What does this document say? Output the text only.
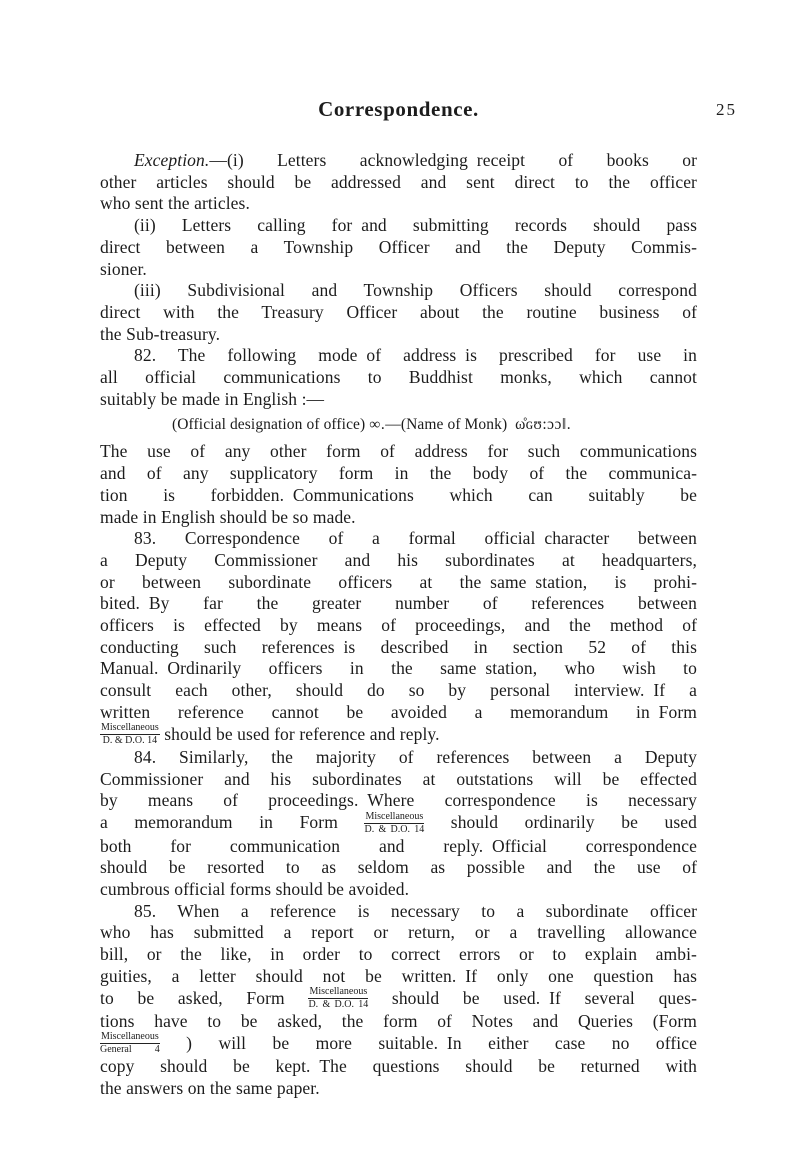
Correspondence.	25
Exception.—(i) Letters acknowledging receipt of books or
other articles should be addressed and sent direct to the officer
who sent the articles.
(ii) Letters calling for and submitting records should pass
direct between a Township Officer and the Deputy Commis-
sioner.
(iii) Subdivisional and Township Officers should correspond
direct with the Treasury Officer about the routine business of
the Sub-treasury.
82. The following mode of address is prescribed for use in
all official communications to Buddhist monks, which cannot
suitably be made in English :—
(Official designation of office) ∞.—(Name of Monk) ω̊ɢʊ:ɔɔ‖.
The use of any other form of address for such communications
and of any supplicatory form in the body of the communica-
tion is forbidden. Communications which can suitably be
made in English should be so made.
83. Correspondence of a formal official character between
a Deputy Commissioner and his subordinates at headquarters,
or between subordinate officers at the same station, is prohi-
bited. By far the greater number of references between
officers is effected by means of proceedings, and the method of
conducting such references is described in section 52 of this
Manual. Ordinarily officers in the same station, who wish to
consult each other, should do so by personal interview. If a
written reference cannot be avoided a memorandum in Form
$\frac{\text{Miscellaneous}}{D. \& D.O. 14}$ should be used for reference and reply.
84. Similarly, the majority of references between a Deputy
Commissioner and his subordinates at outstations will be effected
by means of proceedings. Where correspondence is necessary
a memorandum in Form $\frac{\text{Miscellaneous}}{D. \& D.O. 14}$ should ordinarily be used
both for communication and reply. Official correspondence
should be resorted to as seldom as possible and the use of
cumbrous official forms should be avoided.
85. When a reference is necessary to a subordinate officer
who has submitted a report or return, or a travelling allowance
bill, or the like, in order to correct errors or to explain ambi-
guities, a letter should not be written. If only one question has
to be asked, Form $\frac{\text{Miscellaneous}}{D. \& D.O. 14}$ should be used. If several ques-
tions have to be asked, the form of Notes and Queries (Form
$\frac{\text{Miscellaneous}}{\text{General 4}}$ ) will be more suitable. In either case no office
copy should be kept. The questions should be returned with
the answers on the same paper.
